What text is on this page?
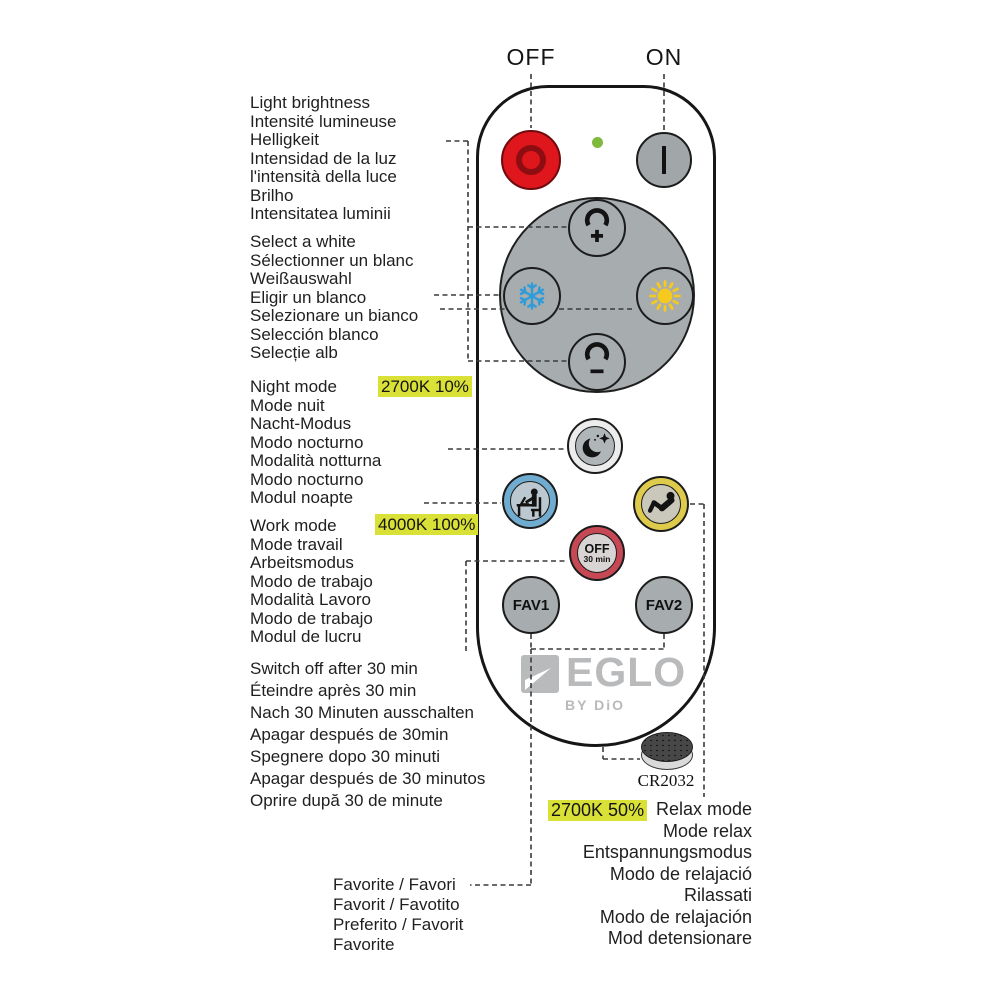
OFF	ON
OFF
30 min
FAV1	FAV2
EGLO
BY DiO
CR2032
Light brightness
Intensité lumineuse
Helligkeit
Intensidad de la luz
l'intensità della luce
Brilho
Intensitatea luminii
Select a white
Sélectionner un blanc
Weißauswahl
Eligir un blanco
Selezionare un bianco
Selección blanco
Selecție alb
Night mode
Mode nuit
Nacht-Modus
Modo nocturno
Modalità notturna
Modo nocturno
Modul noapte
2700K 10%
Work mode
Mode travail
Arbeitsmodus
Modo de trabajo
Modalità Lavoro
Modo de trabajo
Modul de lucru
4000K 100%
Switch off after 30 min
Éteindre après 30 min
Nach 30 Minuten ausschalten
Apagar después de 30min
Spegnere dopo 30 minuti
Apagar después de 30 minutos
Oprire după 30 de minute
Favorite / Favori
Favorit / Favotito
Preferito / Favorit
Favorite
Relax mode
Mode relax
Entspannungsmodus
Modo de relajació
Rilassati
Modo de relajación
Mod detensionare
2700K 50%
